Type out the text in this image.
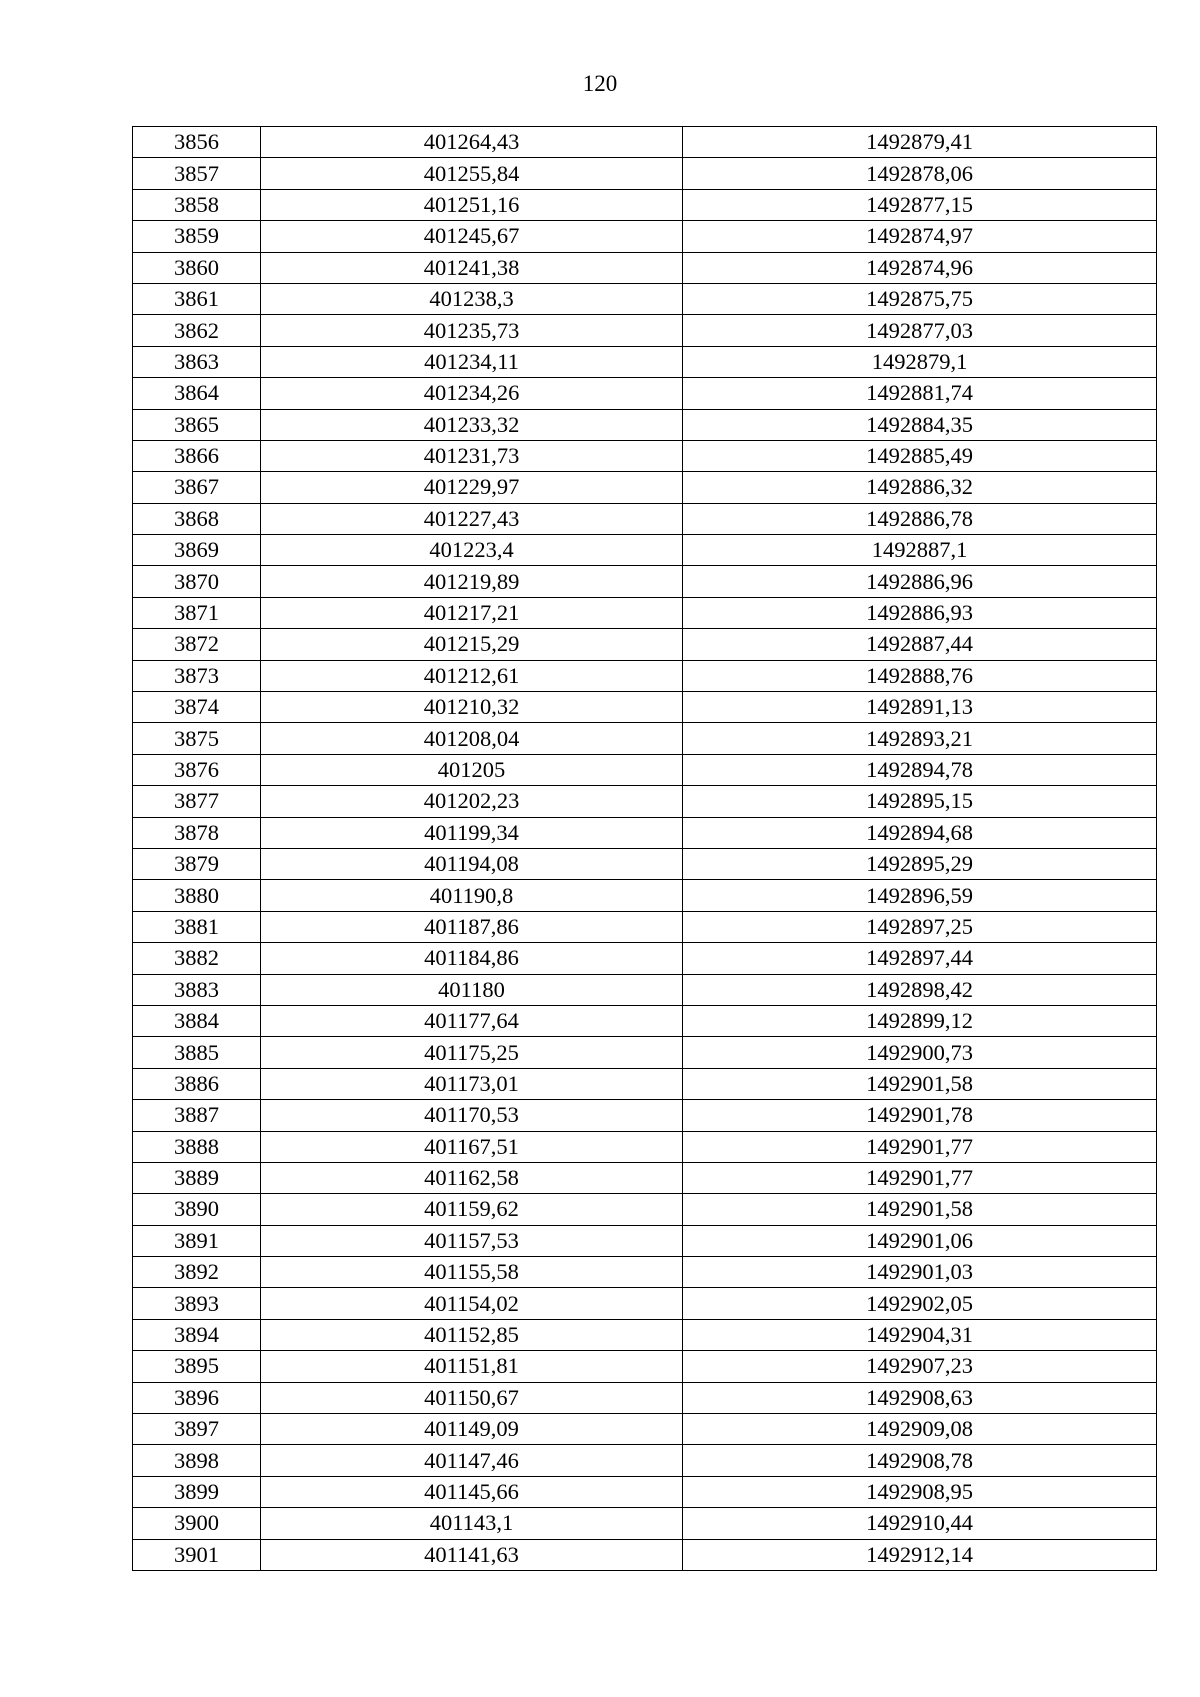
120
3856	401264,43	1492879,41
3857	401255,84	1492878,06
3858	401251,16	1492877,15
3859	401245,67	1492874,97
3860	401241,38	1492874,96
3861	401238,3	1492875,75
3862	401235,73	1492877,03
3863	401234,11	1492879,1
3864	401234,26	1492881,74
3865	401233,32	1492884,35
3866	401231,73	1492885,49
3867	401229,97	1492886,32
3868	401227,43	1492886,78
3869	401223,4	1492887,1
3870	401219,89	1492886,96
3871	401217,21	1492886,93
3872	401215,29	1492887,44
3873	401212,61	1492888,76
3874	401210,32	1492891,13
3875	401208,04	1492893,21
3876	401205	1492894,78
3877	401202,23	1492895,15
3878	401199,34	1492894,68
3879	401194,08	1492895,29
3880	401190,8	1492896,59
3881	401187,86	1492897,25
3882	401184,86	1492897,44
3883	401180	1492898,42
3884	401177,64	1492899,12
3885	401175,25	1492900,73
3886	401173,01	1492901,58
3887	401170,53	1492901,78
3888	401167,51	1492901,77
3889	401162,58	1492901,77
3890	401159,62	1492901,58
3891	401157,53	1492901,06
3892	401155,58	1492901,03
3893	401154,02	1492902,05
3894	401152,85	1492904,31
3895	401151,81	1492907,23
3896	401150,67	1492908,63
3897	401149,09	1492909,08
3898	401147,46	1492908,78
3899	401145,66	1492908,95
3900	401143,1	1492910,44
3901	401141,63	1492912,14
